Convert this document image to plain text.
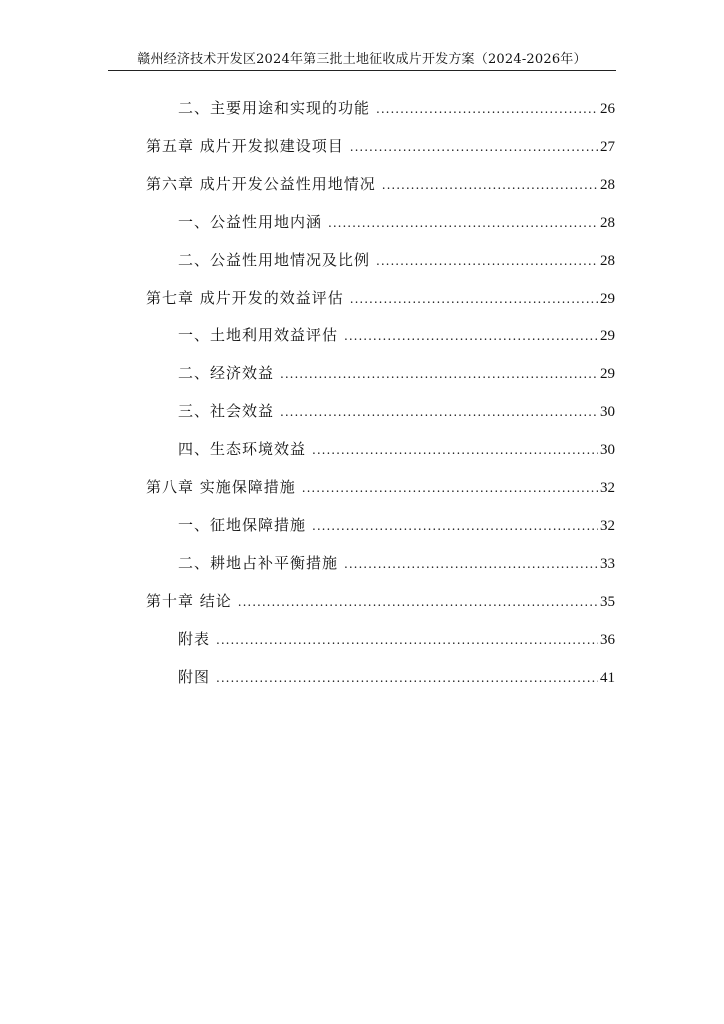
赣州经济技术开发区2024年第三批土地征收成片开发方案（2024-2026年）
二、主要用途和实现的功能 .....	26
第五章 成片开发拟建设项目 .....	27
第六章 成片开发公益性用地情况 .....	28
一、公益性用地内涵 .....	28
二、公益性用地情况及比例 .....	28
第七章 成片开发的效益评估 .....	29
一、土地利用效益评估 .....	29
二、经济效益 .....	29
三、社会效益 .....	30
四、生态环境效益 .....	30
第八章 实施保障措施 .....	32
一、征地保障措施 .....	32
二、耕地占补平衡措施 .....	33
第十章 结论 .....	35
附表 .....	36
附图 .....	41
